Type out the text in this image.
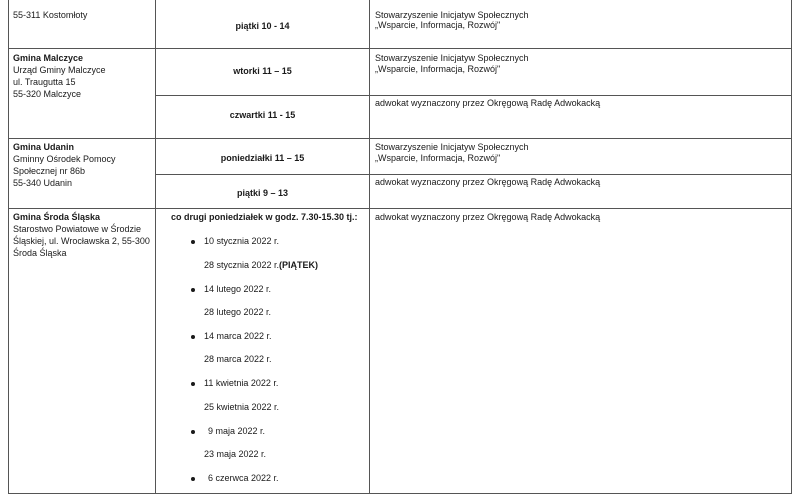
55-311 Kostomłoty
piątki 10 - 14
Stowarzyszenie Inicjatyw Społecznych
„Wsparcie, Informacja, Rozwój"
Gmina Malczyce
Urząd Gminy Malczyce
ul. Traugutta 15
55-320 Malczyce
wtorki 11 – 15
czwartki 11 - 15
Stowarzyszenie Inicjatyw Społecznych
„Wsparcie, Informacja, Rozwój"
adwokat wyznaczony przez Okręgową Radę Adwokacką
Gmina Udanin
Gminny Ośrodek Pomocy
Społecznej nr 86b
55-340 Udanin
poniedziałki 11 – 15
piątki 9 – 13
Stowarzyszenie Inicjatyw Społecznych
„Wsparcie, Informacja, Rozwój"
adwokat wyznaczony przez Okręgową Radę Adwokacką
Gmina Środa Śląska
Starostwo Powiatowe w Środzie
Śląskiej, ul. Wrocławska 2, 55-300
Środa Śląska
co drugi poniedziałek w godz. 7.30-15.30 tj.: adwokat wyznaczony przez Okręgową Radę Adwokacką
10 stycznia 2022 r.
28 stycznia 2022 r.(PIĄTEK)
14 lutego 2022 r.
28 lutego 2022 r.
14 marca 2022 r.
28 marca 2022 r.
11 kwietnia 2022 r.
25 kwietnia 2022 r.
9 maja 2022 r.
23 maja 2022 r.
6 czerwca 2022 r.
